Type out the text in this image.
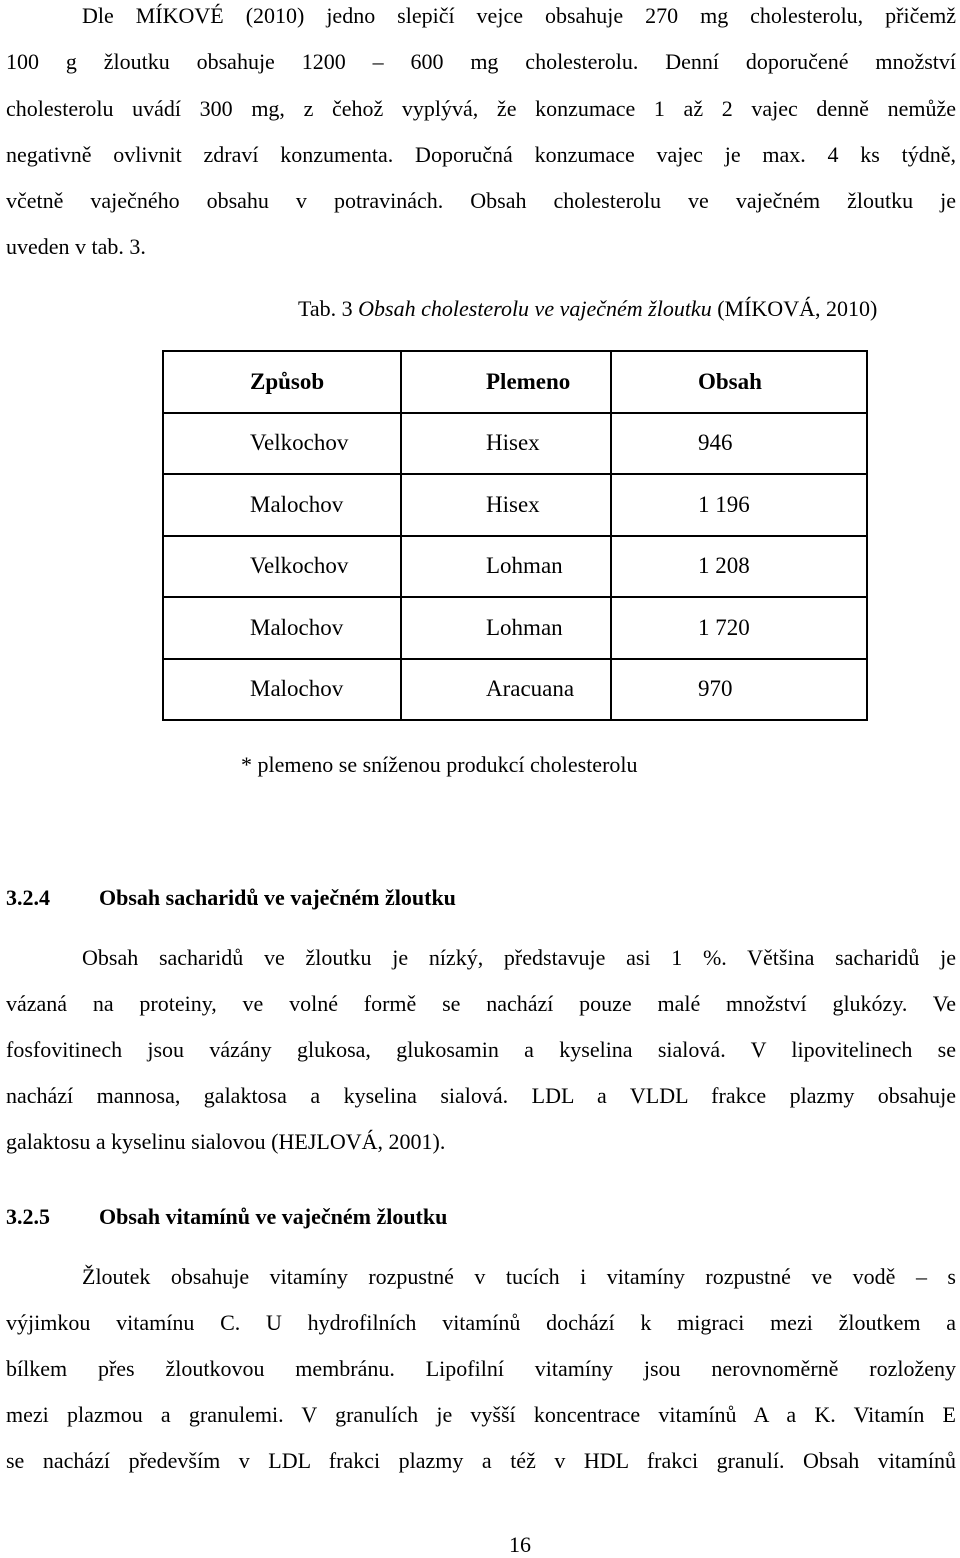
Dle MÍKOVÉ (2010) jedno slepičí vejce obsahuje 270 mg cholesterolu, přičemž
100 g žloutku obsahuje 1200 – 600 mg cholesterolu. Denní doporučené množství
cholesterolu uvádí 300 mg, z čehož vyplývá, že konzumace 1 až 2 vajec denně nemůže
negativně ovlivnit zdraví konzumenta. Doporučná konzumace vajec je max. 4 ks týdně,
včetně vaječného obsahu v potravinách. Obsah cholesterolu ve vaječném žloutku je
uveden v tab. 3.
Tab. 3 Obsah cholesterolu ve vaječném žloutku (MÍKOVÁ, 2010)
Způsob	Plemeno	Obsah
Velkochov	Hisex	946
Malochov	Hisex	1 196
Velkochov	Lohman	1 208
Malochov	Lohman	1 720
Malochov	Aracuana	970
* plemeno se sníženou produkcí cholesterolu
3.2.4 Obsah sacharidů ve vaječném žloutku
Obsah sacharidů ve žloutku je nízký, představuje asi 1 %. Většina sacharidů je
vázaná na proteiny, ve volné formě se nachází pouze malé množství glukózy. Ve
fosfovitinech jsou vázány glukosa, glukosamin a kyselina sialová. V lipovitelinech se
nachází mannosa, galaktosa a kyselina sialová. LDL a VLDL frakce plazmy obsahuje
galaktosu a kyselinu sialovou (HEJLOVÁ, 2001).
3.2.5 Obsah vitamínů ve vaječném žloutku
Žloutek obsahuje vitamíny rozpustné v tucích i vitamíny rozpustné ve vodě – s
výjimkou vitamínu C. U hydrofilních vitamínů dochází k migraci mezi žloutkem a
bílkem přes žloutkovou membránu. Lipofilní vitamíny jsou nerovnoměrně rozloženy
mezi plazmou a granulemi. V granulích je vyšší koncentrace vitamínů A a K. Vitamín E
se nachází především v LDL frakci plazmy a též v HDL frakci granulí. Obsah vitamínů
16
